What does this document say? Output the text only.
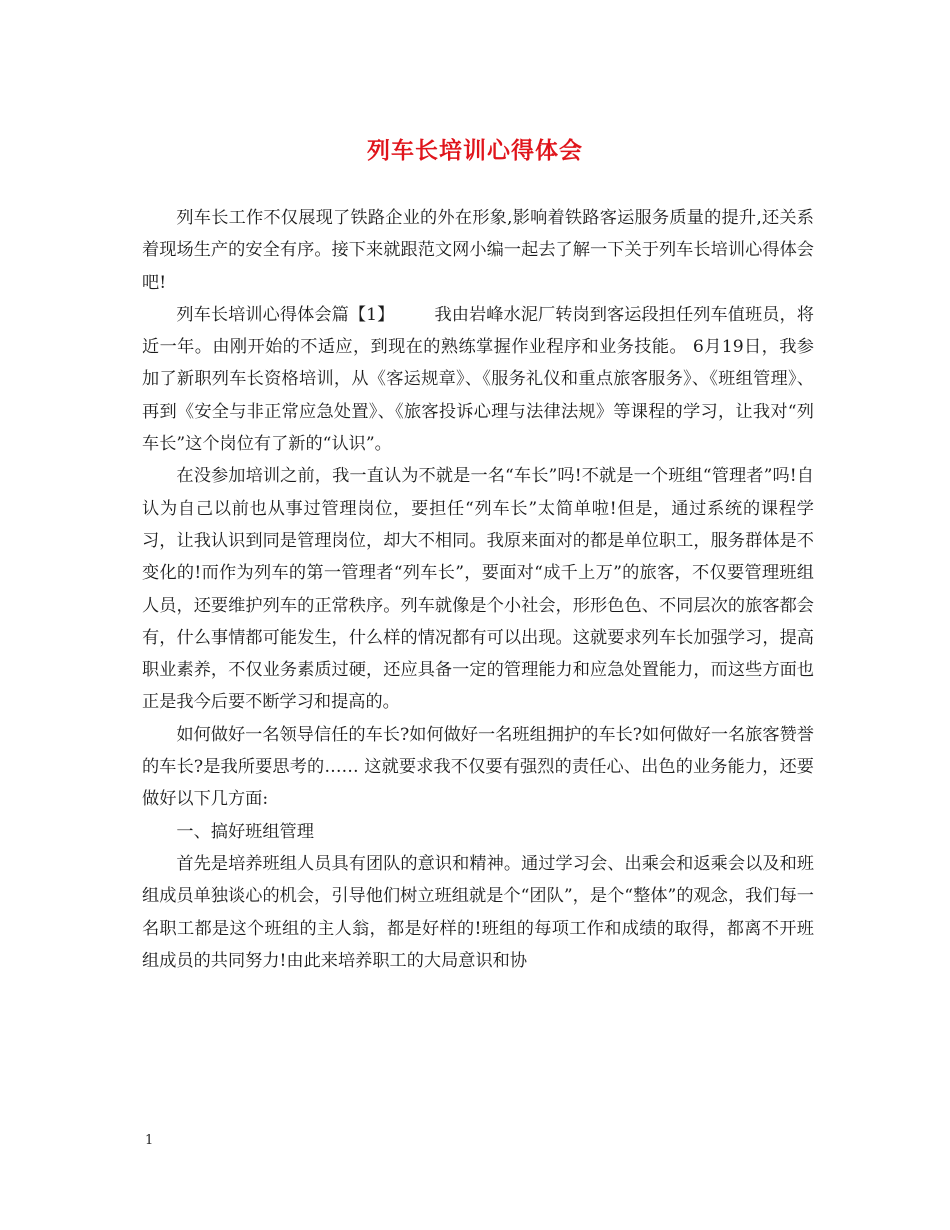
列车长培训心得体会

列车长工作不仅展现了铁路企业的外在形象,影响着铁路客运服务质量的提升,还关系着现场生产的安全有序。接下来就跟范文网小编一起去了解一下关于列车长培训心得体会吧!

列车长培训心得体会篇【1】 　　我由岩峰水泥厂转岗到客运段担任列车值班员，将近一年。由刚开始的不适应，到现在的熟练掌握作业程序和业务技能。 6月19日，我参加了新职列车长资格培训，从《客运规章》、《服务礼仪和重点旅客服务》、《班组管理》、再到《安全与非正常应急处置》、《旅客投诉心理与法律法规》等课程的学习，让我对“列车长”这个岗位有了新的“认识”。

在没参加培训之前，我一直认为不就是一名“车长”吗!不就是一个班组“管理者”吗!自认为自己以前也从事过管理岗位，要担任“列车长”太简单啦!但是，通过系统的课程学习，让我认识到同是管理岗位，却大不相同。我原来面对的都是单位职工，服务群体是不变化的!而作为列车的第一管理者“列车长”，要面对“成千上万”的旅客，不仅要管理班组人员，还要维护列车的正常秩序。列车就像是个小社会，形形色色、不同层次的旅客都会有，什么事情都可能发生，什么样的情况都有可以出现。这就要求列车长加强学习，提高职业素养，不仅业务素质过硬，还应具备一定的管理能力和应急处置能力，而这些方面也正是我今后要不断学习和提高的。

如何做好一名领导信任的车长?如何做好一名班组拥护的车长?如何做好一名旅客赞誉的车长?是我所要思考的…… 这就要求我不仅要有强烈的责任心、出色的业务能力，还要做好以下几方面:

一、搞好班组管理

首先是培养班组人员具有团队的意识和精神。通过学习会、出乘会和返乘会以及和班组成员单独谈心的机会，引导他们树立班组就是个“团队”，是个“整体”的观念，我们每一名职工都是这个班组的主人翁，都是好样的!班组的每项工作和成绩的取得，都离不开班组成员的共同努力!由此来培养职工的大局意识和协

1
